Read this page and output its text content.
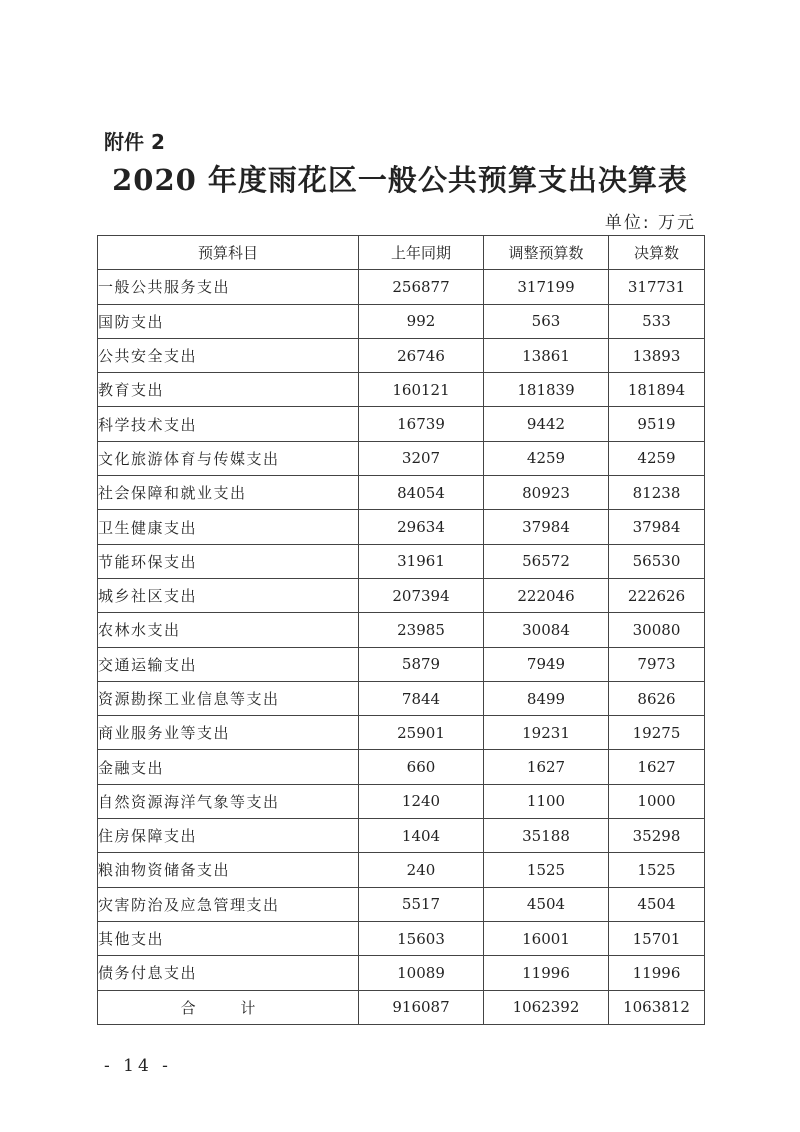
附件 2
2020 年度雨花区一般公共预算支出决算表
单位: 万元
预算科目	上年同期	调整预算数	决算数
一般公共服务支出	256877	317199	317731
国防支出	992	563	533
公共安全支出	26746	13861	13893
教育支出	160121	181839	181894
科学技术支出	16739	9442	9519
文化旅游体育与传媒支出	3207	4259	4259
社会保障和就业支出	84054	80923	81238
卫生健康支出	29634	37984	37984
节能环保支出	31961	56572	56530
城乡社区支出	207394	222046	222626
农林水支出	23985	30084	30080
交通运输支出	5879	7949	7973
资源勘探工业信息等支出	7844	8499	8626
商业服务业等支出	25901	19231	19275
金融支出	660	1627	1627
自然资源海洋气象等支出	1240	1100	1000
住房保障支出	1404	35188	35298
粮油物资储备支出	240	1525	1525
灾害防治及应急管理支出	5517	4504	4504
其他支出	15603	16001	15701
债务付息支出	10089	11996	11996
合 计	916087	1062392	1063812
- 14 -
